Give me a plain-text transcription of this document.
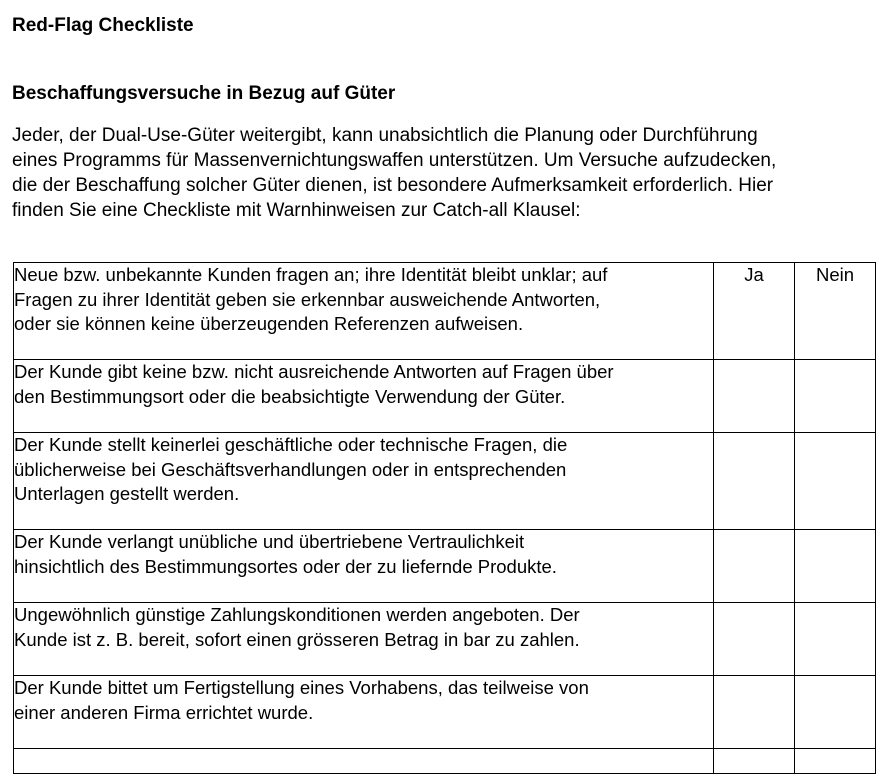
Red-Flag Checkliste
Beschaffungsversuche in Bezug auf Güter
Jeder, der Dual-Use-Güter weitergibt, kann unabsichtlich die Planung oder Durchführung
eines Programms für Massenvernichtungswaffen unterstützen. Um Versuche aufzudecken,
die der Beschaffung solcher Güter dienen, ist besondere Aufmerksamkeit erforderlich. Hier
finden Sie eine Checkliste mit Warnhinweisen zur Catch-all Klausel:
Neue bzw. unbekannte Kunden fragen an; ihre Identität bleibt unklar; auf
Fragen zu ihrer Identität geben sie erkennbar ausweichende Antworten,
oder sie können keine überzeugenden Referenzen aufweisen.	Ja	Nein

Der Kunde gibt keine bzw. nicht ausreichende Antworten auf Fragen über
den Bestimmungsort oder die beabsichtigte Verwendung der Güter.		

Der Kunde stellt keinerlei geschäftliche oder technische Fragen, die
üblicherweise bei Geschäftsverhandlungen oder in entsprechenden
Unterlagen gestellt werden.		

Der Kunde verlangt unübliche und übertriebene Vertraulichkeit
hinsichtlich des Bestimmungsortes oder der zu liefernde Produkte.		

Ungewöhnlich günstige Zahlungskonditionen werden angeboten. Der
Kunde ist z. B. bereit, sofort einen grösseren Betrag in bar zu zahlen.		

Der Kunde bittet um Fertigstellung eines Vorhabens, das teilweise von
einer anderen Firma errichtet wurde.		
